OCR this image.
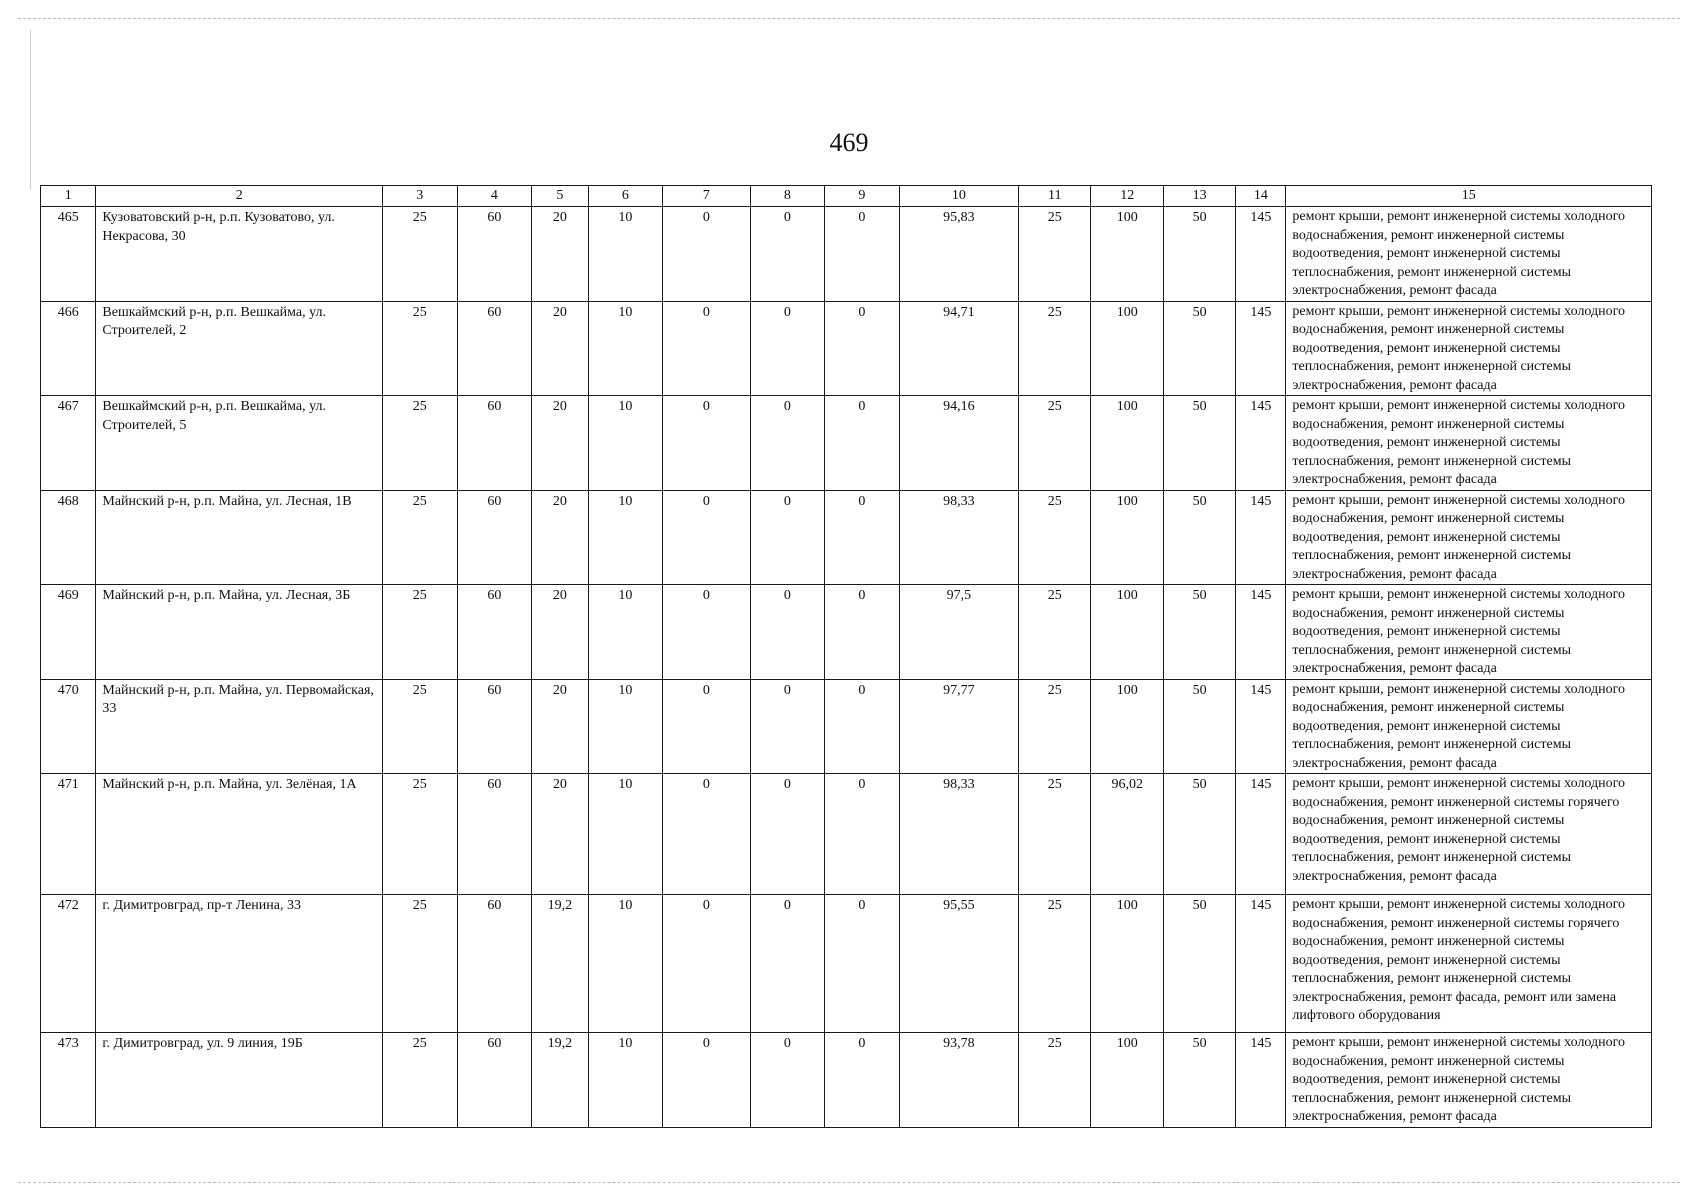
469
1	2	3	4	5	6	7	8	9	10	11	12	13	14	15
465	Кузоватовский р-н, р.п. Кузоватово, ул. Некрасова, 30	25	60	20	10	0	0	0	95,83	25	100	50	145	ремонт крыши, ремонт инженерной системы холодного водоснабжения, ремонт инженерной системы водоотведения, ремонт инженерной системы теплоснабжения, ремонт инженерной системы электроснабжения, ремонт фасада
466	Вешкаймский р-н, р.п. Вешкайма, ул. Строителей, 2	25	60	20	10	0	0	0	94,71	25	100	50	145	ремонт крыши, ремонт инженерной системы холодного водоснабжения, ремонт инженерной системы водоотведения, ремонт инженерной системы теплоснабжения, ремонт инженерной системы электроснабжения, ремонт фасада
467	Вешкаймский р-н, р.п. Вешкайма, ул. Строителей, 5	25	60	20	10	0	0	0	94,16	25	100	50	145	ремонт крыши, ремонт инженерной системы холодного водоснабжения, ремонт инженерной системы водоотведения, ремонт инженерной системы теплоснабжения, ремонт инженерной системы электроснабжения, ремонт фасада
468	Майнский р-н, р.п. Майна, ул. Лесная, 1В	25	60	20	10	0	0	0	98,33	25	100	50	145	ремонт крыши, ремонт инженерной системы холодного водоснабжения, ремонт инженерной системы водоотведения, ремонт инженерной системы теплоснабжения, ремонт инженерной системы электроснабжения, ремонт фасада
469	Майнский р-н, р.п. Майна, ул. Лесная, 3Б	25	60	20	10	0	0	0	97,5	25	100	50	145	ремонт крыши, ремонт инженерной системы холодного водоснабжения, ремонт инженерной системы водоотведения, ремонт инженерной системы теплоснабжения, ремонт инженерной системы электроснабжения, ремонт фасада
470	Майнский р-н, р.п. Майна, ул. Первомайская, 33	25	60	20	10	0	0	0	97,77	25	100	50	145	ремонт крыши, ремонт инженерной системы холодного водоснабжения, ремонт инженерной системы водоотведения, ремонт инженерной системы теплоснабжения, ремонт инженерной системы электроснабжения, ремонт фасада
471	Майнский р-н, р.п. Майна, ул. Зелёная, 1А	25	60	20	10	0	0	0	98,33	25	96,02	50	145	ремонт крыши, ремонт инженерной системы холодного водоснабжения, ремонт инженерной системы горячего водоснабжения, ремонт инженерной системы водоотведения, ремонт инженерной системы теплоснабжения, ремонт инженерной системы электроснабжения, ремонт фасада
472	г. Димитровград, пр-т Ленина, 33	25	60	19,2	10	0	0	0	95,55	25	100	50	145	ремонт крыши, ремонт инженерной системы холодного водоснабжения, ремонт инженерной системы горячего водоснабжения, ремонт инженерной системы водоотведения, ремонт инженерной системы теплоснабжения, ремонт инженерной системы электроснабжения, ремонт фасада, ремонт или замена лифтового оборудования
473	г. Димитровград, ул. 9 линия, 19Б	25	60	19,2	10	0	0	0	93,78	25	100	50	145	ремонт крыши, ремонт инженерной системы холодного водоснабжения, ремонт инженерной системы водоотведения, ремонт инженерной системы теплоснабжения, ремонт инженерной системы электроснабжения, ремонт фасада
